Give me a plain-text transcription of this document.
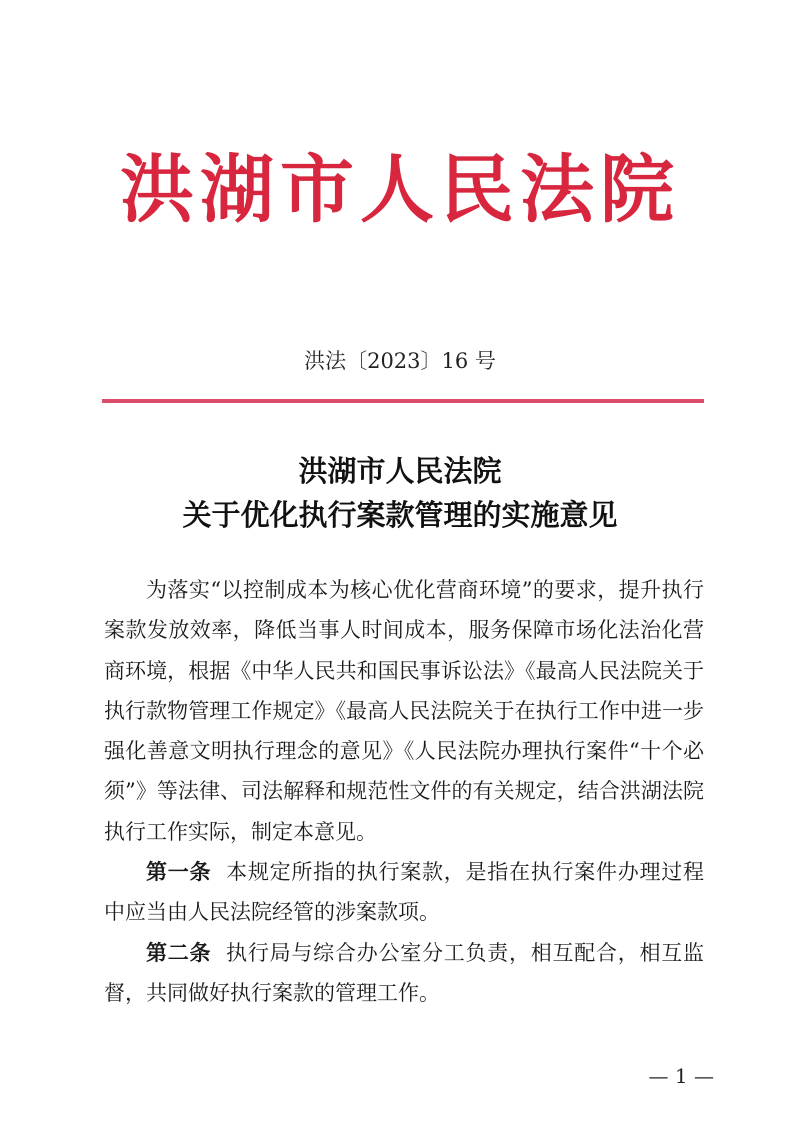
洪湖市人民法院
洪法〔2023〕16 号
洪湖市人民法院
关于优化执行案款管理的实施意见

为落实“以控制成本为核心优化营商环境”的要求，提升执行案款发放效率，降低当事人时间成本，服务保障市场化法治化营商环境，根据《中华人民共和国民事诉讼法》《最高人民法院关于执行款物管理工作规定》《最高人民法院关于在执行工作中进一步强化善意文明执行理念的意见》《人民法院办理执行案件“十个必须”》等法律、司法解释和规范性文件的有关规定，结合洪湖法院执行工作实际，制定本意见。

第一条 本规定所指的执行案款，是指在执行案件办理过程中应当由人民法院经管的涉案款项。

第二条 执行局与综合办公室分工负责，相互配合，相互监督，共同做好执行案款的管理工作。

— 1 —
